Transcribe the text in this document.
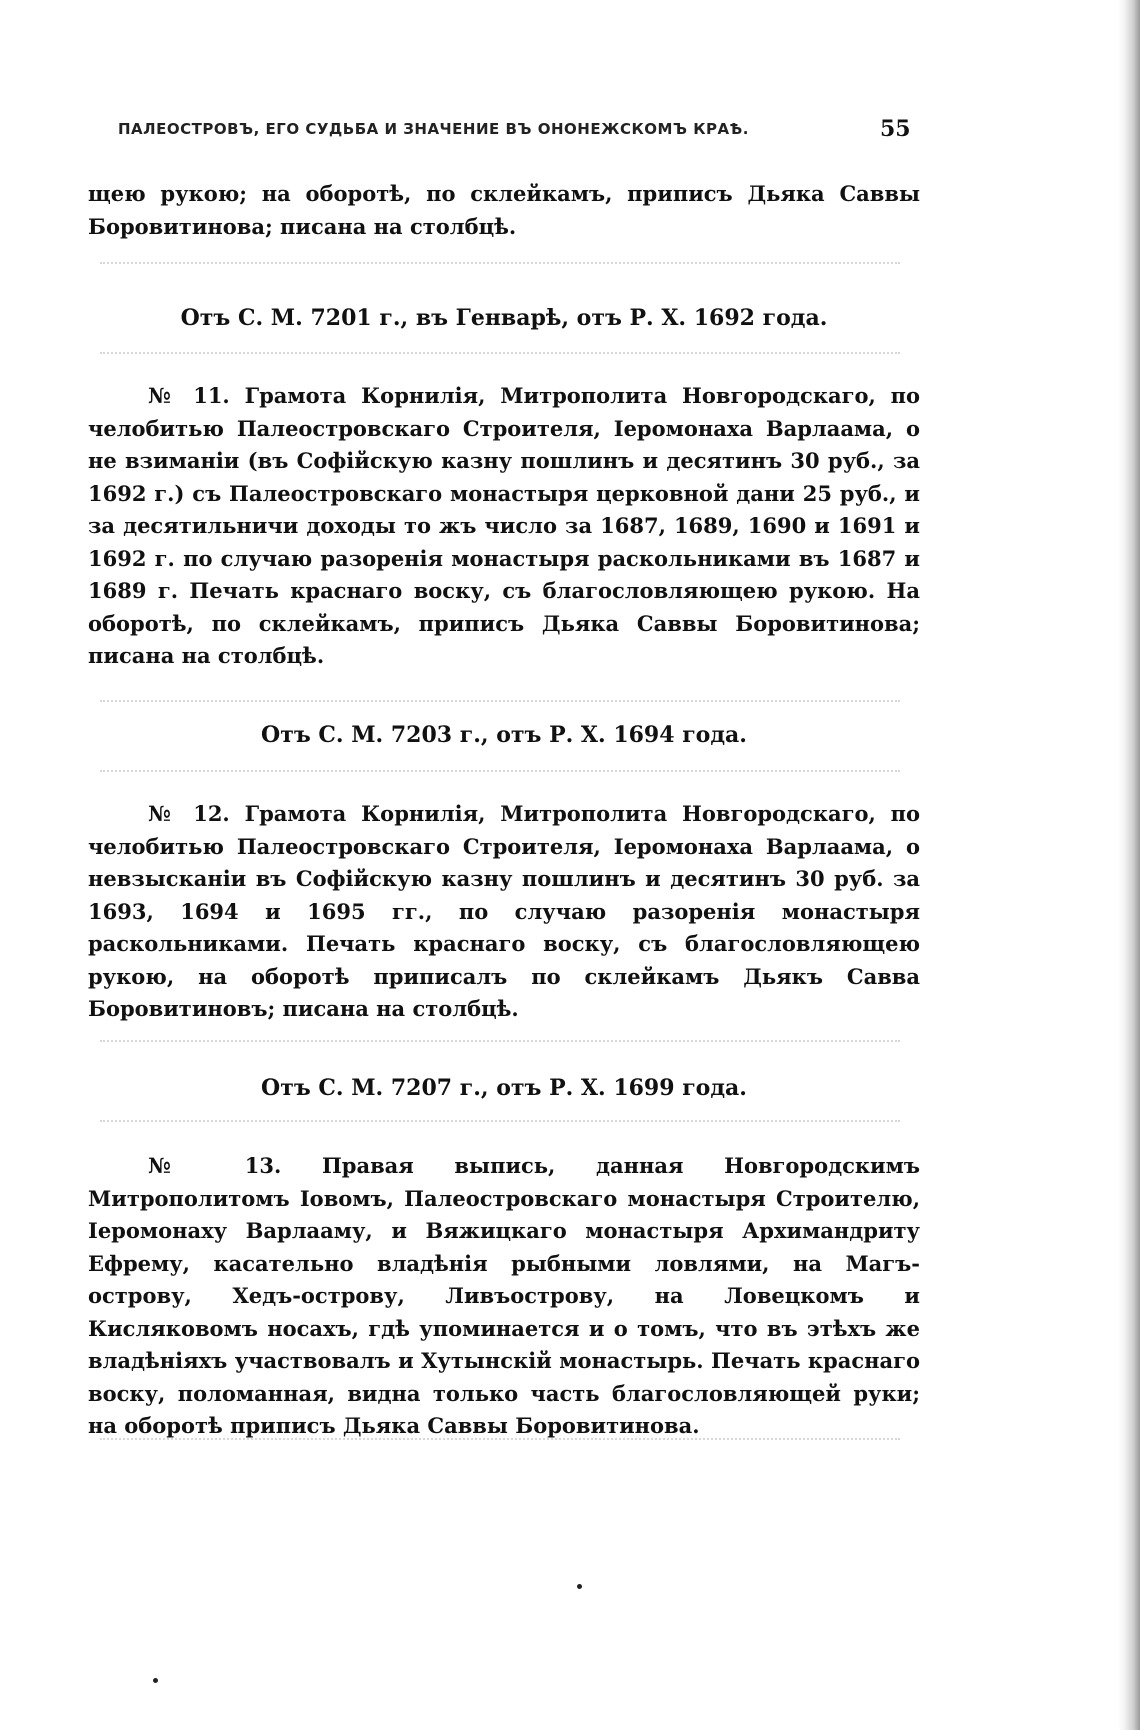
ПАЛЕОСТРОВЪ, ЕГО СУДЬБА И ЗНАЧЕНИЕ ВЪ ОНОНЕЖСКОМЪ КРАѢ.	55
щею рукою; на оборотѣ, по склейкамъ, приписъ Дьяка Саввы Боровитинова; писана на столбцѣ.
Отъ С. М. 7201 г., въ Генварѣ, отъ Р. Х. 1692 года.
№ 11. Грамота Корнилія, Митрополита Новгородскаго, по челобитью Палеостровскаго Строителя, Іеромонаха Варлаама, о не взиманіи (въ Софійскую казну пошлинъ и десятинъ 30 руб., за 1692 г.) съ Палеостровскаго монастыря церковной дани 25 руб., и за десятильничи доходы то жъ число за 1687, 1689, 1690 и 1691 и 1692 г. по случаю разоренія монастыря раскольниками въ 1687 и 1689 г. Печать краснаго воску, съ благословляющею рукою. На оборотѣ, по склейкамъ, приписъ Дьяка Саввы Боровитинова; писана на столбцѣ.
Отъ С. М. 7203 г., отъ Р. Х. 1694 года.
№ 12. Грамота Корнилія, Митрополита Новгородскаго, по челобитью Палеостровскаго Строителя, Іеромонаха Варлаама, о невзысканіи въ Софійскую казну пошлинъ и десятинъ 30 руб. за 1693, 1694 и 1695 гг., по случаю разоренія монастыря раскольниками. Печать краснаго воску, съ благословляющею рукою, на оборотѣ приписалъ по склейкамъ Дьякъ Савва Боровитиновъ; писана на столбцѣ.
Отъ С. М. 7207 г., отъ Р. Х. 1699 года.
№ 13. Правая выпись, данная Новгородскимъ Митрополитомъ Іовомъ, Палеостровскаго монастыря Строителю, Іеромонаху Варлааму, и Вяжицкаго монастыря Архимандриту Ефрему, касательно владѣнія рыбными ловлями, на Магъ-острову, Хедъ-острову, Ливъострову, на Ловецкомъ и Кисляковомъ носахъ, гдѣ упоминается и о томъ, что въ этѣхъ же владѣніяхъ участвовалъ и Хутынскій монастырь. Печать краснаго воску, поломанная, видна только часть благословляющей руки; на оборотѣ приписъ Дьяка Саввы Боровитинова.
